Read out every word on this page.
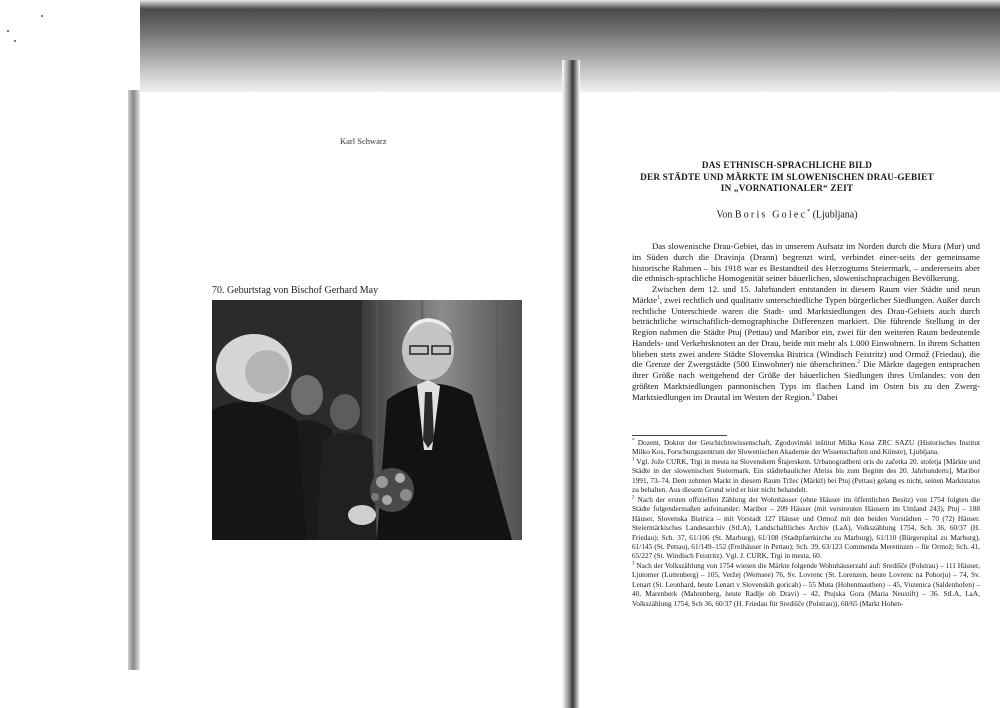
Karl Schwarz
70. Geburtstag von Bischof Gerhard May
DAS ETHNISCH-SPRACHLICHE BILD
DER STÄDTE UND MÄRKTE IM SLOWENISCHEN DRAU-GEBIET
IN „VORNATIONALER“ ZEIT
Von Boris Golec* (Ljubljana)

Das slowenische Drau-Gebiet, das in unserem Aufsatz im Norden durch die Mura (Mur) und im Süden durch die Dravinja (Drann) begrenzt wird, verbindet einer-seits der gemeinsame historische Rahmen – bis 1918 war es Bestandteil des Herzogtums Steiermark, – andererseits aber die ethnisch-sprachliche Homogenität seiner bäuerlichen, slowenischsprachigen Bevölkerung.

Zwischen dem 12. und 15. Jahrhundert entstanden in diesem Raum vier Städte und neun Märkte$^1$, zwei rechtlich und qualitativ unterschiedliche Typen bürgerlicher Siedlungen. Außer durch rechtliche Unterschiede waren die Stadt- und Marktsiedlungen des Drau-Gebiets auch durch beträchtliche wirtschaftlich-demographische Differenzen markiert. Die führende Stellung in der Region nahmen die Städte Ptuj (Pettau) und Maribor ein, zwei für den weiteren Raum bedeutende Handels- und Verkehrsknoten an der Drau, beide mit mehr als 1.000 Einwohnern. In ihrem Schatten blieben stets zwei andere Städte Slovenska Bistrica (Windisch Feistritz) und Ormož (Friedau), die die Grenze der Zwergstädte (500 Einwohner) nie überschritten.$^2$ Die Märkte dagegen entsprachen ihrer Größe nach weitgehend der Größe der bäuerlichen Siedlungen ihres Umlandes: von den größten Marktsiedlungen pannonischen Typs im flachen Land im Osten bis zu den Zwerg-Marktsiedlungen im Drautal im Westen der Region.$^3$ Dabei

* Dozent, Doktor der Geschichtswissenschaft, Zgodovinski inštitut Milka Kosa ZRC SAZU (Historisches Institut Milko Kos, Forschungszentrum der Slowenischen Akademie der Wissenschaften und Künste), Ljubljana.

$^1$ Vgl. Jože CURK, Trgi in mesta na Slovenskem Štajerskem. Urbanogradbeni oris do začetka 20. stoletja [Märkte und Städte in der slowenischen Steiermark. Ein städtebaulicher Abriss bis zum Beginn des 20. Jahrhunderts], Maribor 1991, 73–74. Dem zehnten Markt in diesem Raum Tržec (Märktl) bei Ptuj (Pettau) gelang es nicht, seinen Marktstatus zu behalten. Aus diesem Grund wird er hier nicht behandelt.

$^2$ Nach der ersten offiziellen Zählung der Wohnhäuser (ohne Häuser im öffentlichen Besitz) von 1754 folgten die Städte folgendermaßen aufeinander: Maribor – 209 Häuser (mit verstreuten Häusern im Umland 243), Ptuj – 188 Häuser, Slovenska Bistrica – mit Vorstadt 127 Häuser und Ormož mit den beiden Vorstädten – 70 (72) Häuser. Steiermärkisches Landesarchiv (StLA), Landschaftliches Archiv (LaA), Volkszählung 1754, Sch. 36, 60/37 (H. Friedau); Sch. 37, 61/106 (St. Marburg), 61/108 (Stadtpfarrkirche zu Marburg), 61/110 (Bürgerspital zu Marburg), 61/145 (St. Pettau), 61/149–152 (Freihäuser in Pettau); Sch. 39, 63/123 Commenda Meretinzen – für Ormož; Sch. 41, 65/227 (St. Windisch Feistritz). Vgl. J. CURK, Trgi in mesta, 60.

$^3$ Nach der Volkszählung von 1754 wiesen die Märkte folgende Wohnhäuserzahl auf: Središče (Polstrau) – 111 Häuser, Ljutomer (Luttenberg) – 105, Veržej (Wernsee) 76, Sv. Lovrenc (St. Lorenzen, heute Lovrenc na Pohorju) – 74, Sv. Lenart (St. Leonhard, heute Lenart v Slovenskih goricah) – 55 Muta (Hohenmauthen) – 45, Vuzenica (Saldenhofen) – 40, Marenberk (Mahrenberg, heute Radlje ob Dravi) – 42, Ptujska Gora (Maria Neustift) – 36. StLA, LaA, Volkszählung 1754, Sch 36, 60/37 (H. Friedau für Središče (Polstrau)), 60/65 (Markt Hohen-
